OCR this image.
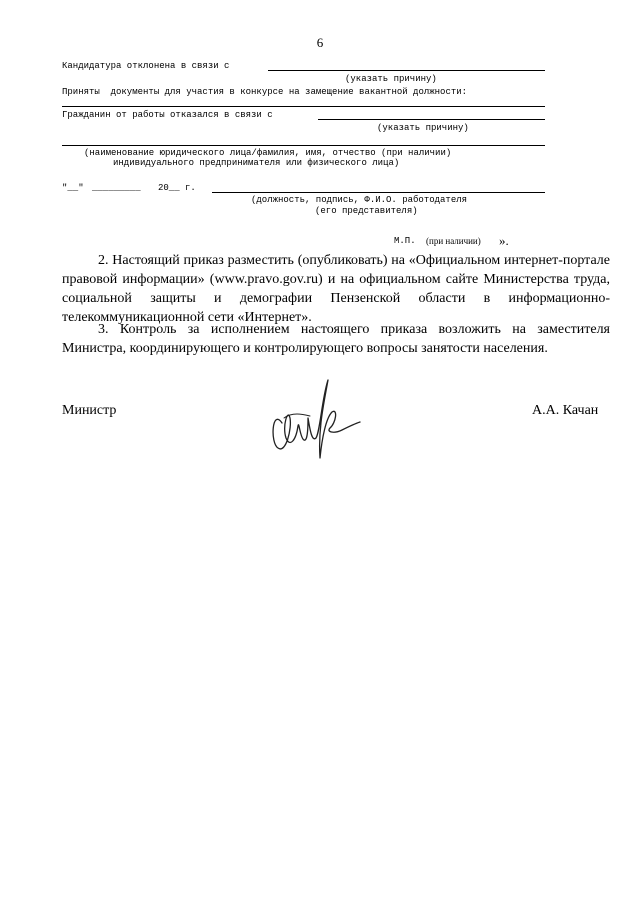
6
Кандидатура отклонена в связи с
(указать причину)
Приняты  документы для участия в конкурсе на замещение вакантной должности:
Гражданин от работы отказался в связи с
(указать причину)
(наименование юридического лица/фамилия, имя, отчество (при наличии)
индивидуального предпринимателя или физического лица)
"__" _________ 20__ г.
(должность, подпись, Ф.И.О. работодателя
(его представителя)
М.П. (при наличии) ».
2. Настоящий приказ разместить (опубликовать) на «Официальном интернет-портале правовой информации» (www.pravo.gov.ru) и на официальном сайте Министерства труда, социальной защиты и демографии Пензенской области в информационно-телекоммуникационной сети «Интернет».
3. Контроль за исполнением настоящего приказа возложить на заместителя Министра, координирующего и контролирующего вопросы занятости населения.
Министр	А.А. Качан
